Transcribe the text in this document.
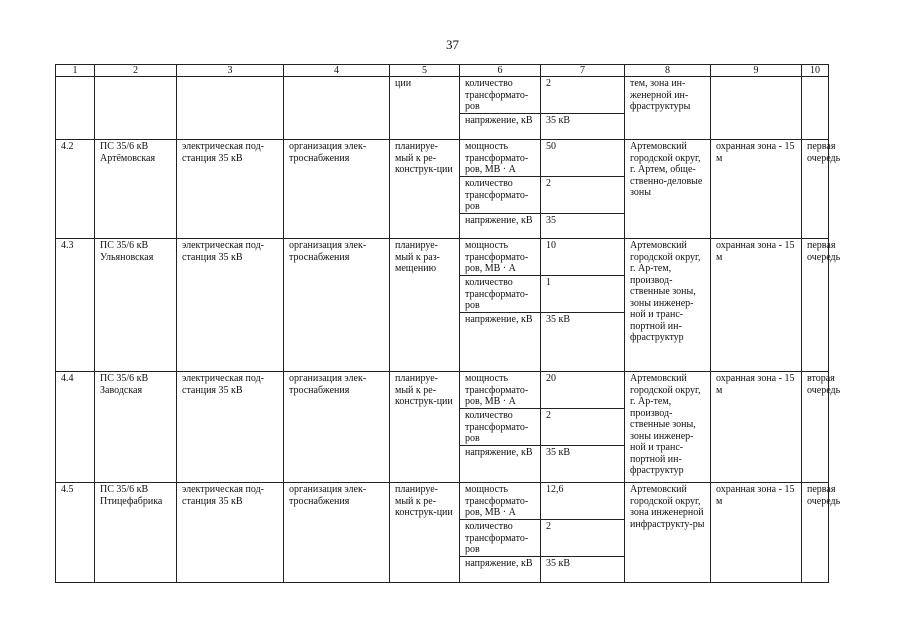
37
1	2	3	4	5	6	7	8	9	10
				ции	количество трансформато-ров	2	тем, зона ин-женерной ин-фраструктуры		
					напряжение, кВ	35 кВ			
4.2	ПС 35/6 кВ Артёмовская	электрическая под-станция 35 кВ	организация элек-троснабжения	планируе-мый к ре-конструк-ции	мощность трансформато-ров, МВ · А	50	Артемовский городской округ, г. Артем, обще-ственно-деловые зоны	охранная зона - 15 м	первая очередь
					количество трансформато-ров	2			
					напряжение, кВ	35			
4.3	ПС 35/6 кВ Ульяновская	электрическая под-станция 35 кВ	организация элек-троснабжения	планируе-мый к раз-мещению	мощность трансформато-ров, МВ · А	10	Артемовский городской округ, г. Ар-тем, производ-ственные зоны, зоны инженер-ной и транс-портной ин-фраструктур	охранная зона - 15 м	первая очередь
					количество трансформато-ров	1			
					напряжение, кВ	35 кВ			
4.4	ПС 35/6 кВ Заводская	электрическая под-станция 35 кВ	организация элек-троснабжения	планируе-мый к ре-конструк-ции	мощность трансформато-ров, МВ · А	20	Артемовский городской округ, г. Ар-тем, производ-ственные зоны, зоны инженер-ной и транс-портной ин-фраструктур	охранная зона - 15 м	вторая очередь
					количество трансформато-ров	2			
					напряжение, кВ	35 кВ			
4.5	ПС 35/6 кВ Птицефабрика	электрическая под-станция 35 кВ	организация элек-троснабжения	планируе-мый к ре-конструк-ции	мощность трансформато-ров, МВ · А	12,6	Артемовский городской округ, зона инженерной инфраструкту-ры	охранная зона - 15 м	первая очередь
					количество трансформато-ров	2			
					напряжение, кВ	35 кВ			
